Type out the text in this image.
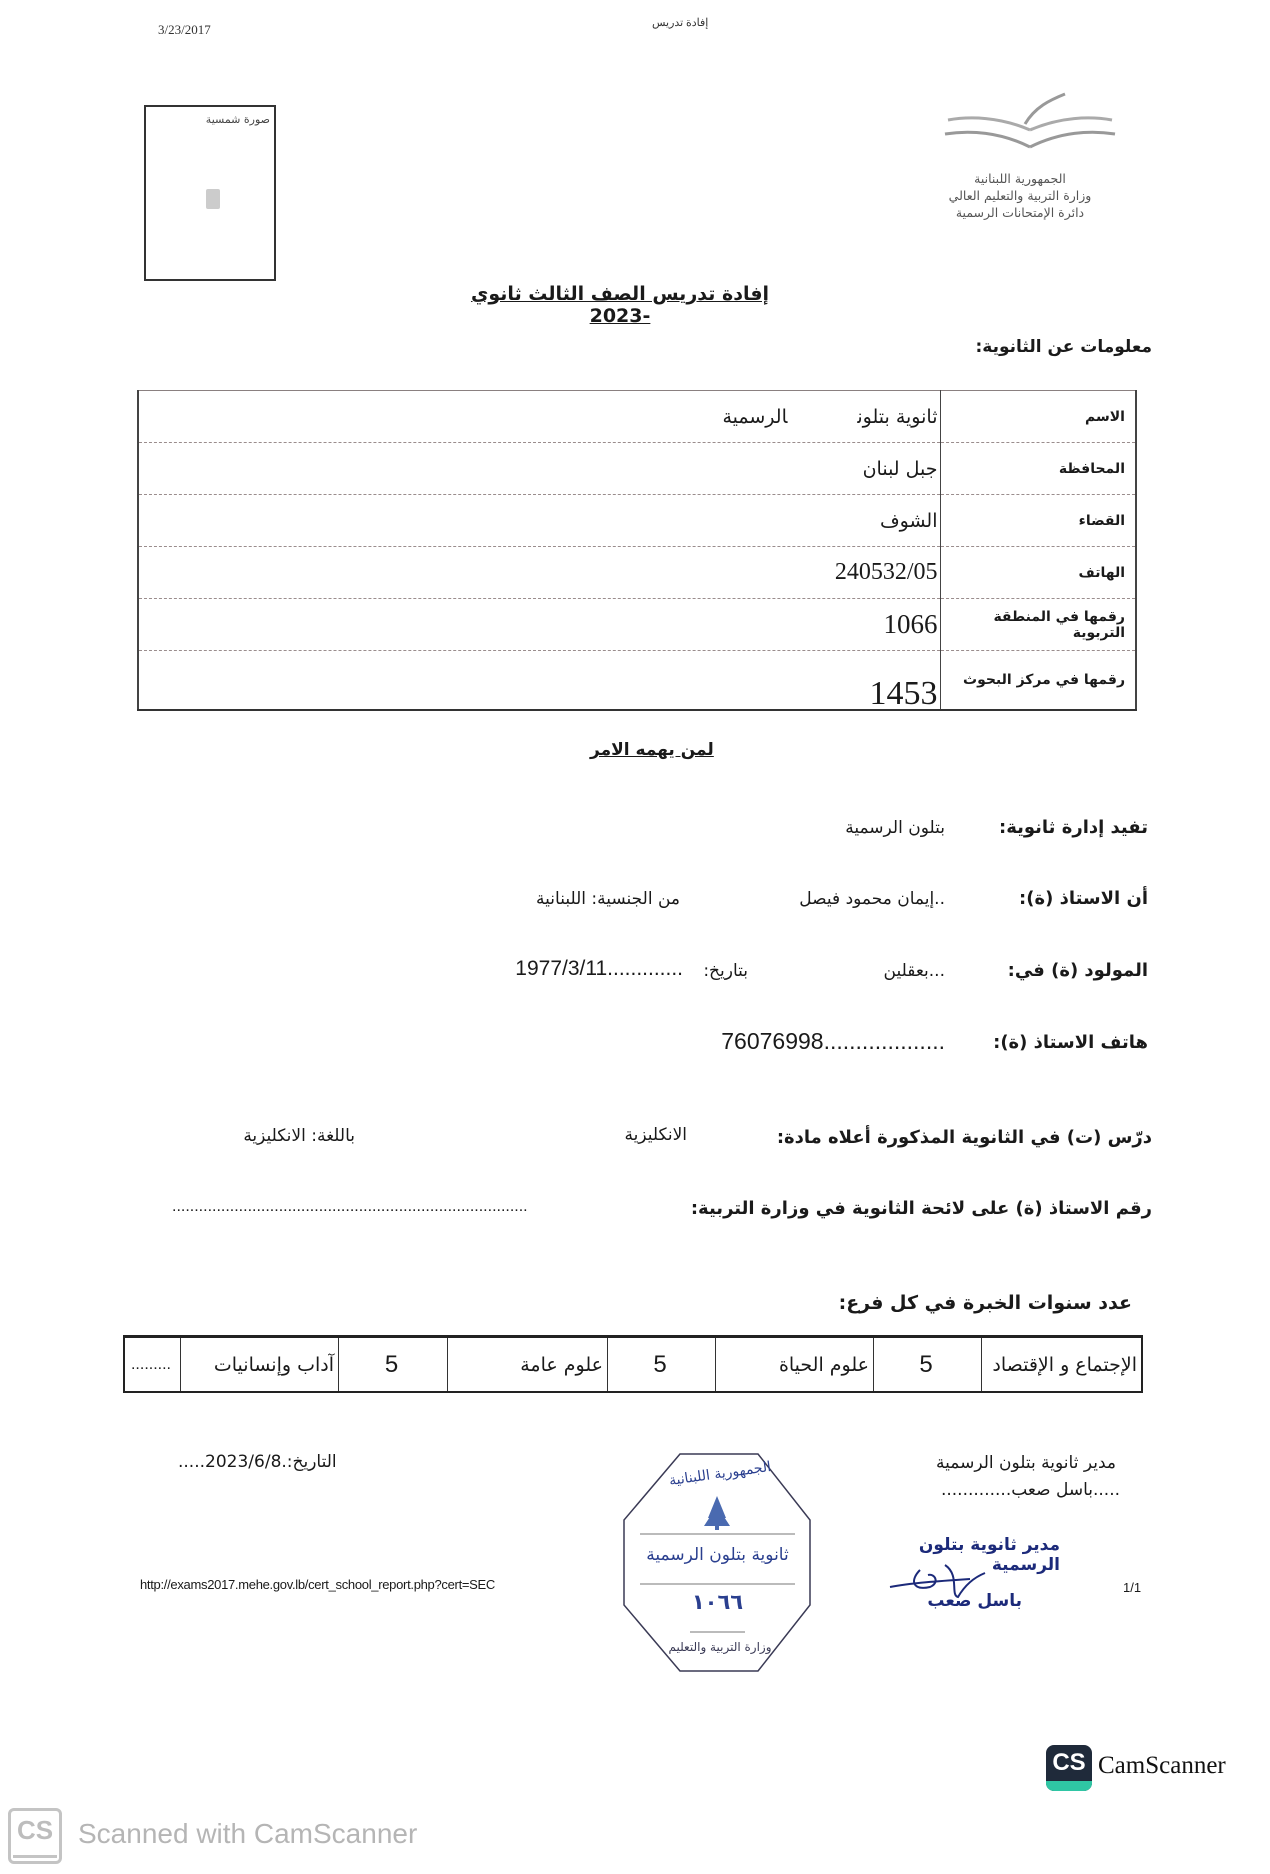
3/23/2017	إفادة تدريس
صورة شمسية
الجمهورية اللبنانية
وزارة التربية والتعليم العالي
دائرة الإمتحانات الرسمية
إفادة تدريس الصف الثالث ثانوي -2023
معلومات عن الثانوية:
ثانوية بتلونالرسمية	الاسم
جبل لبنان	المحافظة
الشوف	القضاء
240532/05	الهاتف
1066	رقمها في المنطقة التربوية
1453	رقمها في مركز البحوث
لمن يهمه الامر
تفيد إدارة ثانوية:
بتلون الرسمية
أن الاستاذ (ة):
..إيمان محمود فيصل
من الجنسية: اللبنانية
المولود (ة) في:
...بعقلين
بتاريخ:
1977/3/11.............
هاتف الاستاذ (ة):
76076998...................
درّس (ت) في الثانوية المذكورة أعلاه مادة:
الانكليزية
باللغة: الانكليزية
رقم الاستاذ (ة) على لائحة الثانوية في وزارة التربية:
................................................................................
عدد سنوات الخبرة في كل فرع:
الإجتماع و الإقتصاد	5	علوم الحياة	5	علوم عامة	5	آداب وإنسانيات	.........
التاريخ:.2023/6/8.....	مدير ثانوية بتلون الرسمية
.....باسل صعب.............
http://exams2017.mehe.gov.lb/cert_school_report.php?cert=SEC	1/1
الجمهورية اللبنانية
ثانوية بتلون الرسمية
١٠٦٦
وزارة التربية والتعليم
مدير ثانوية بتلون الرسمية
باسل صعب
CS CamScanner
CS Scanned with CamScanner
